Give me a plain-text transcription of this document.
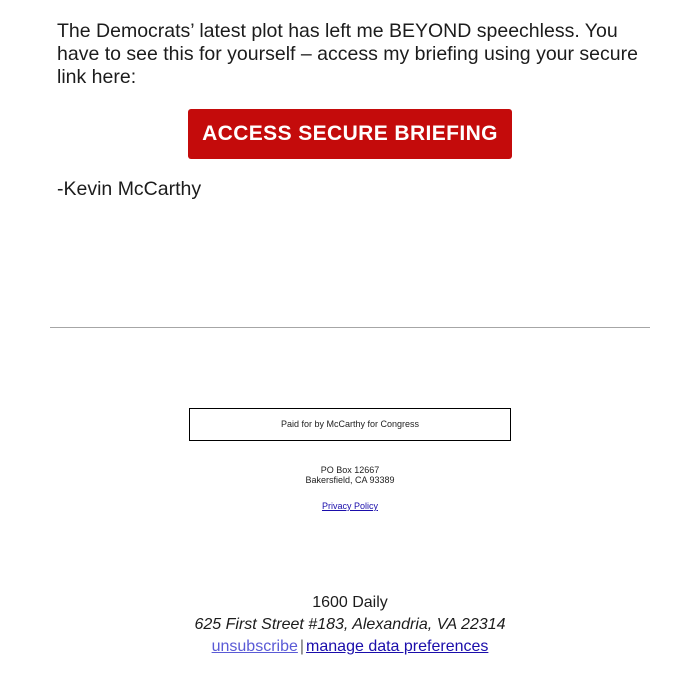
The Democrats’ latest plot has left me BEYOND speechless. You have to see this for yourself – access my briefing using your secure link here:

ACCESS SECURE BRIEFING

-Kevin McCarthy

Paid for by McCarthy for Congress
PO Box 12667
Bakersfield, CA 93389
Privacy Policy
1600 Daily
625 First Street #183, Alexandria, VA 22314
unsubscribe | manage data preferences
